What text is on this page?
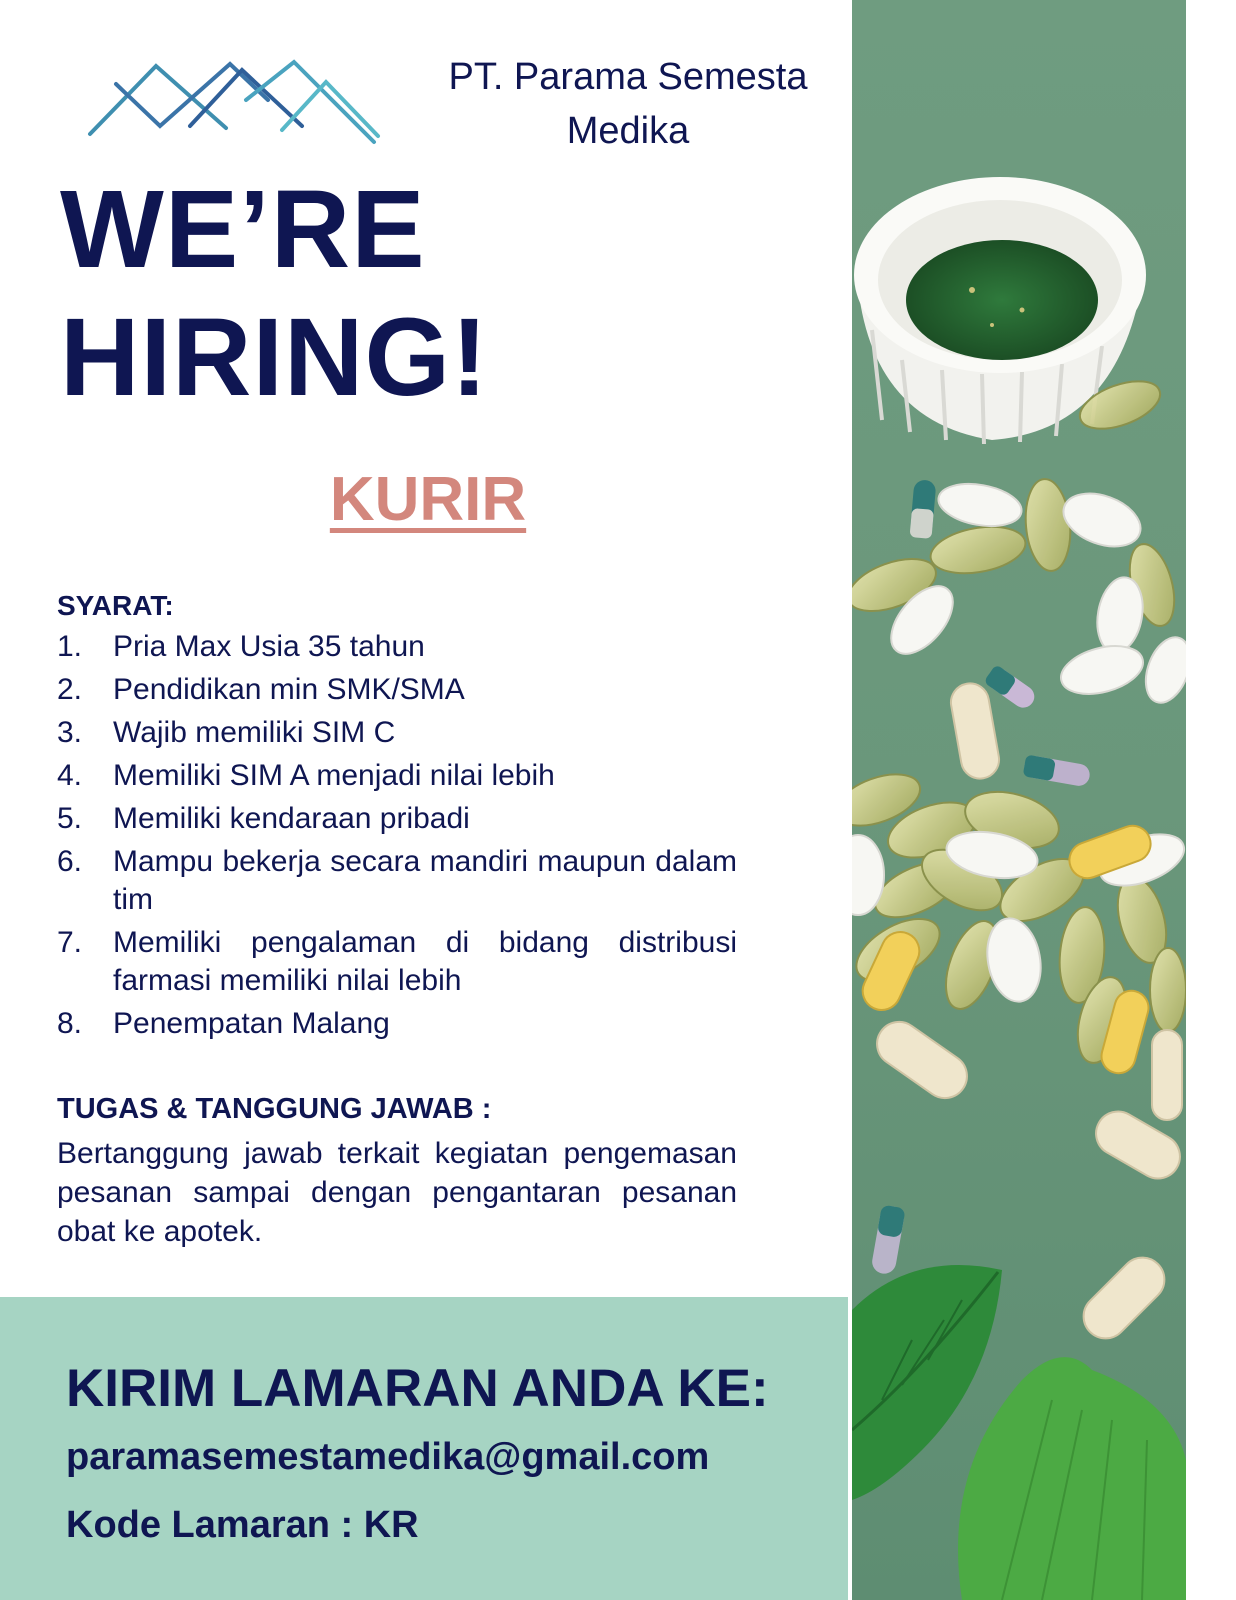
PT. Parama Semesta
Medika
WE’RE
HIRING!
KURIR
SYARAT:
1. Pria Max Usia 35 tahun
2. Pendidikan min SMK/SMA
3. Wajib memiliki SIM C
4. Memiliki SIM A menjadi nilai lebih
5. Memiliki kendaraan pribadi
6. Mampu bekerja secara mandiri maupun dalam tim
7. Memiliki pengalaman di bidang distribusi farmasi memiliki nilai lebih
8. Penempatan Malang
TUGAS & TANGGUNG JAWAB :
Bertanggung jawab terkait kegiatan pengemasan pesanan sampai dengan pengantaran pesanan obat ke apotek.
KIRIM LAMARAN ANDA KE:
paramasemestamedika@gmail.com
Kode Lamaran : KR
